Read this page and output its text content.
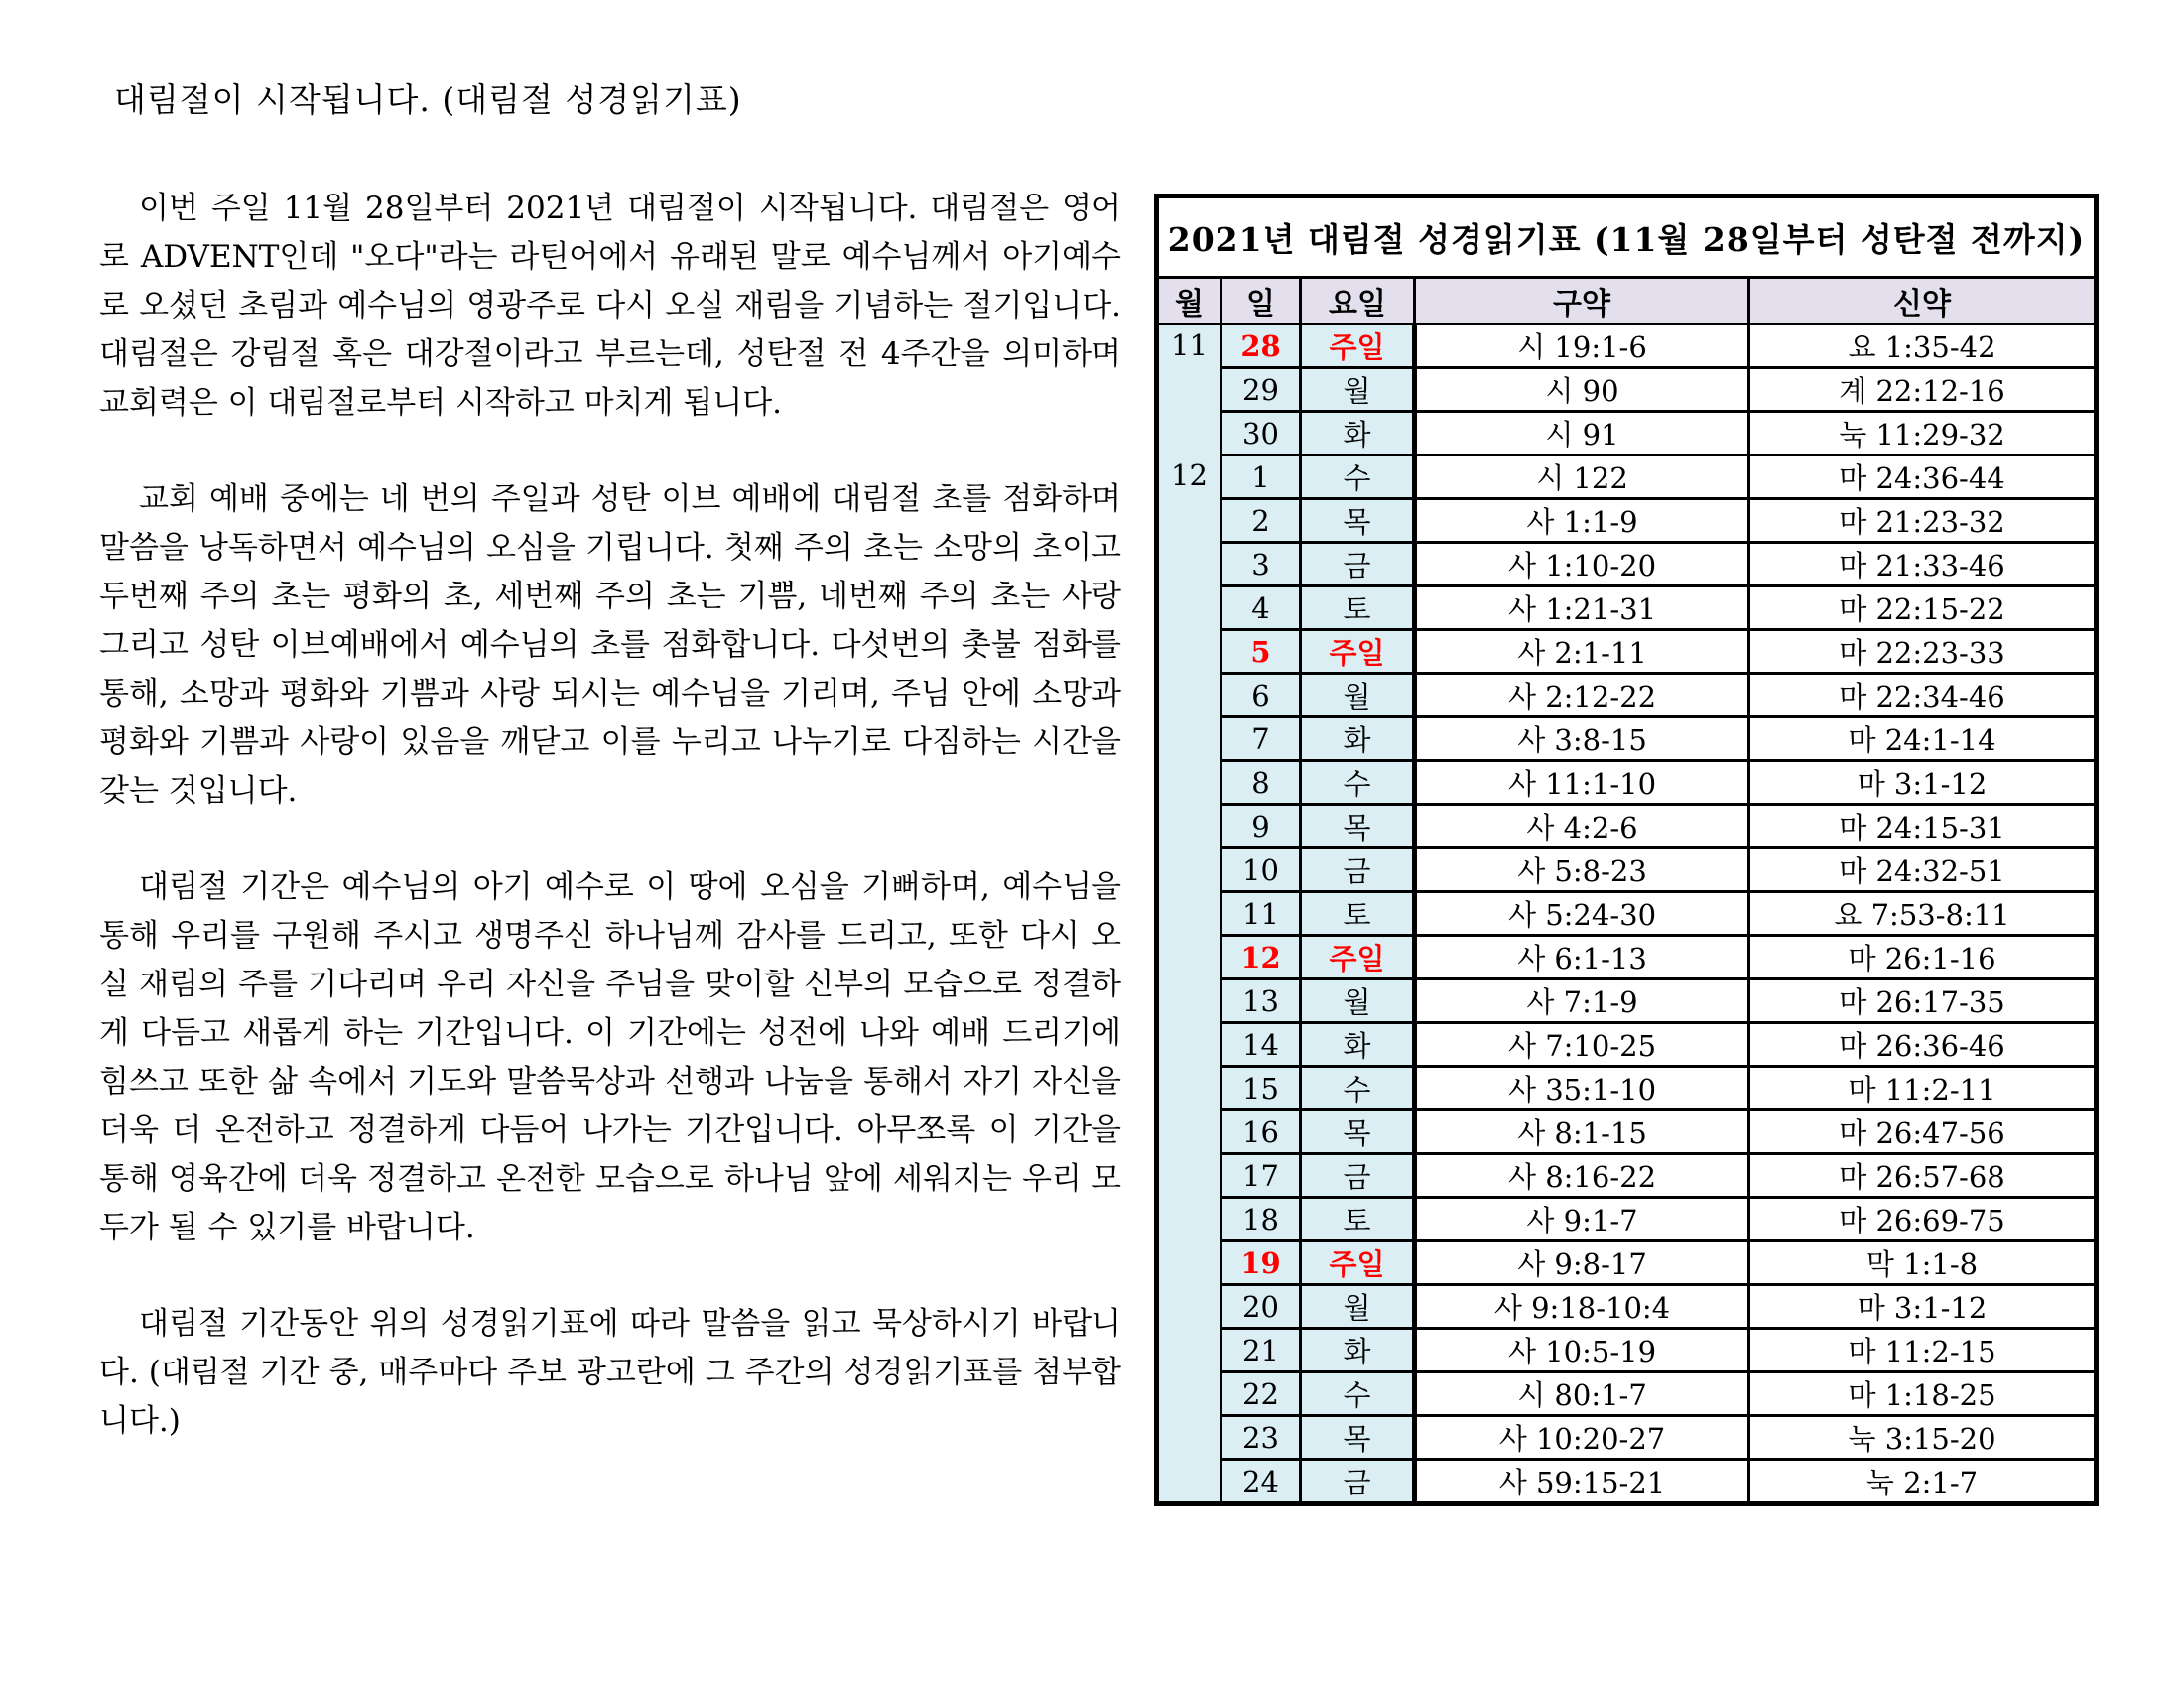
대림절이 시작됩니다. (대림절 성경읽기표)

이번 주일 11월 28일부터 2021년 대림절이 시작됩니다. 대림절은 영어로 ADVENT인데 "오다"라는 라틴어에서 유래된 말로 예수님께서 아기예수로 오셨던 초림과 예수님의 영광주로 다시 오실 재림을 기념하는 절기입니다. 대림절은 강림절 혹은 대강절이라고 부르는데, 성탄절 전 4주간을 의미하며 교회력은 이 대림절로부터 시작하고 마치게 됩니다.

교회 예배 중에는 네 번의 주일과 성탄 이브 예배에 대림절 초를 점화하며 말씀을 낭독하면서 예수님의 오심을 기립니다. 첫째 주의 초는 소망의 초이고 두번째 주의 초는 평화의 초, 세번째 주의 초는 기쁨, 네번째 주의 초는 사랑 그리고 성탄 이브예배에서 예수님의 초를 점화합니다. 다섯번의 촛불 점화를 통해, 소망과 평화와 기쁨과 사랑 되시는 예수님을 기리며, 주님 안에 소망과 평화와 기쁨과 사랑이 있음을 깨닫고 이를 누리고 나누기로 다짐하는 시간을 갖는 것입니다.

대림절 기간은 예수님의 아기 예수로 이 땅에 오심을 기뻐하며, 예수님을 통해 우리를 구원해 주시고 생명주신 하나님께 감사를 드리고, 또한 다시 오실 재림의 주를 기다리며 우리 자신을 주님을 맞이할 신부의 모습으로 정결하게 다듬고 새롭게 하는 기간입니다. 이 기간에는 성전에 나와 예배 드리기에 힘쓰고 또한 삶 속에서 기도와 말씀묵상과 선행과 나눔을 통해서 자기 자신을 더욱 더 온전하고 정결하게 다듬어 나가는 기간입니다. 아무쪼록 이 기간을 통해 영육간에 더욱 정결하고 온전한 모습으로 하나님 앞에 세워지는 우리 모두가 될 수 있기를 바랍니다.

대림절 기간동안 위의 성경읽기표에 따라 말씀을 읽고 묵상하시기 바랍니다. (대림절 기간 중, 매주마다 주보 광고란에 그 주간의 성경읽기표를 첨부합니다.)

2021년 대림절 성경읽기표 (11월 28일부터 성탄절 전까지)				
월	일	요일	구약	신약
11	28	주일	시 19:1-6	요 1:35-42
	29	월	시 90	계 22:12-16
	30	화	시 91	눅 11:29-32
12	1	수	시 122	마 24:36-44
	2	목	사 1:1-9	마 21:23-32
	3	금	사 1:10-20	마 21:33-46
	4	토	사 1:21-31	마 22:15-22
	5	주일	사 2:1-11	마 22:23-33
	6	월	사 2:12-22	마 22:34-46
	7	화	사 3:8-15	마 24:1-14
	8	수	사 11:1-10	마 3:1-12
	9	목	사 4:2-6	마 24:15-31
	10	금	사 5:8-23	마 24:32-51
	11	토	사 5:24-30	요 7:53-8:11
	12	주일	사 6:1-13	마 26:1-16
	13	월	사 7:1-9	마 26:17-35
	14	화	사 7:10-25	마 26:36-46
	15	수	사 35:1-10	마 11:2-11
	16	목	사 8:1-15	마 26:47-56
	17	금	사 8:16-22	마 26:57-68
	18	토	사 9:1-7	마 26:69-75
	19	주일	사 9:8-17	막 1:1-8
	20	월	사 9:18-10:4	마 3:1-12
	21	화	사 10:5-19	마 11:2-15
	22	수	시 80:1-7	마 1:18-25
	23	목	사 10:20-27	눅 3:15-20
	24	금	사 59:15-21	눅 2:1-7
